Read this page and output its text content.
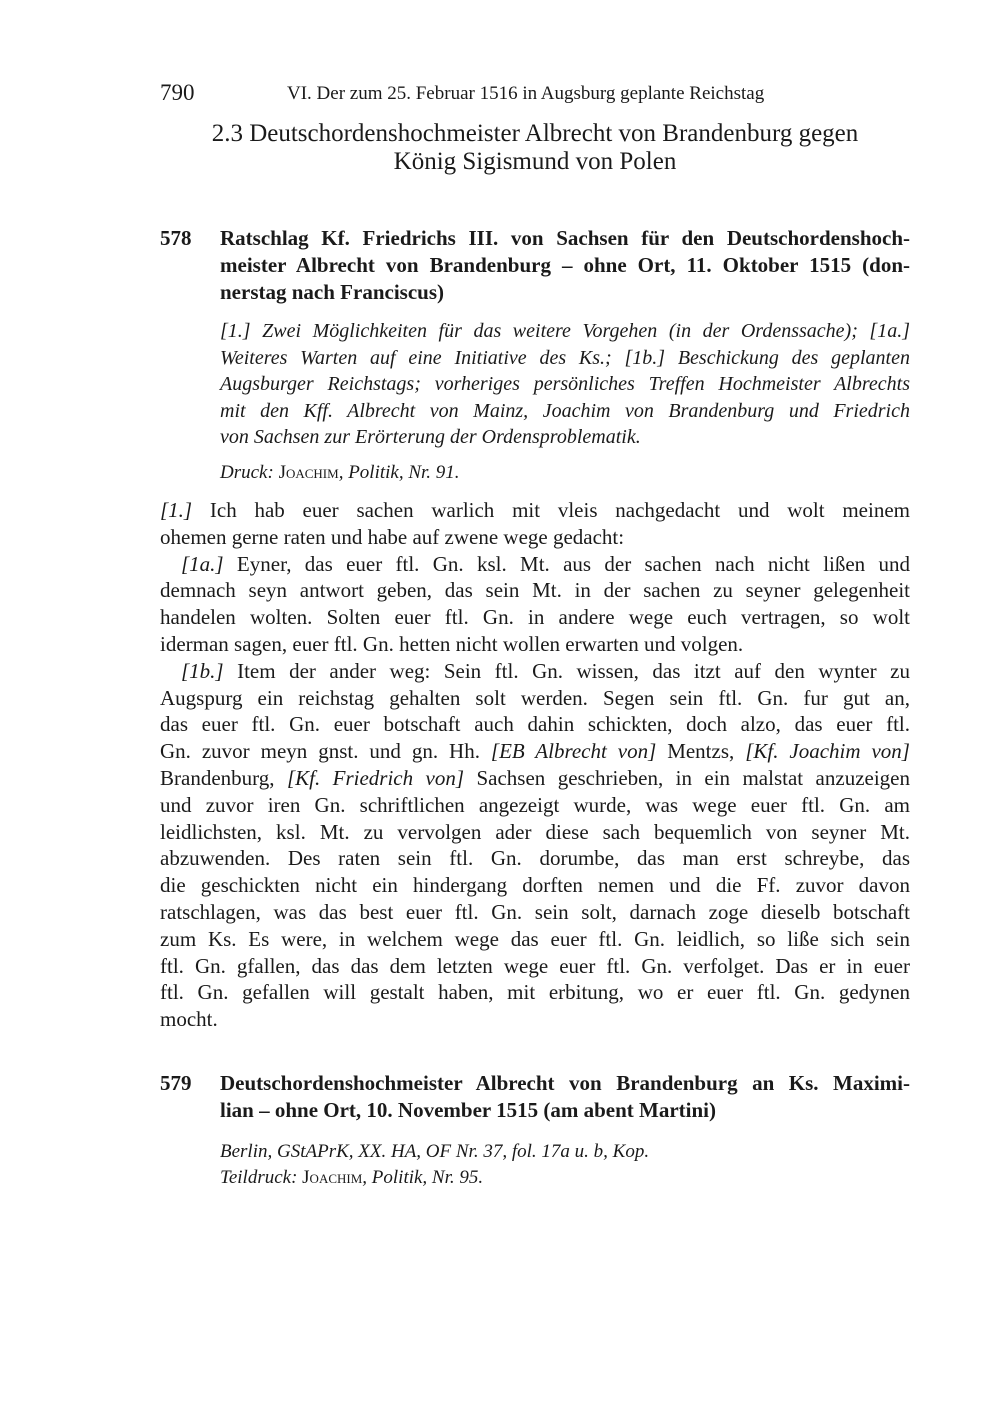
790	VI. Der zum 25. Februar 1516 in Augsburg geplante Reichstag
2.3 Deutschordenshochmeister Albrecht von Brandenburg gegen
König Sigismund von Polen
578 Ratschlag Kf. Friedrichs III. von Sachsen für den Deutschordenshoch-
meister Albrecht von Brandenburg – ohne Ort, 11. Oktober 1515 (don-
nerstag nach Franciscus)
[1.] Zwei Möglichkeiten für das weitere Vorgehen (in der Ordenssache); [1a.]
Weiteres Warten auf eine Initiative des Ks.; [1b.] Beschickung des geplanten
Augsburger Reichstags; vorheriges persönliches Treffen Hochmeister Albrechts
mit den Kff. Albrecht von Mainz, Joachim von Brandenburg und Friedrich
von Sachsen zur Erörterung der Ordensproblematik.
Druck: Joachim, Politik, Nr. 91.
[1.] Ich hab euer sachen warlich mit vleis nachgedacht und wolt meinem
ohemen gerne raten und habe auf zwene wege gedacht:
[1a.] Eyner, das euer ftl. Gn. ksl. Mt. aus der sachen nach nicht lißen und
demnach seyn antwort geben, das sein Mt. in der sachen zu seyner gelegenheit
handelen wolten. Solten euer ftl. Gn. in andere wege euch vertragen, so wolt
iderman sagen, euer ftl. Gn. hetten nicht wollen erwarten und volgen.
[1b.] Item der ander weg: Sein ftl. Gn. wissen, das itzt auf den wynter zu
Augspurg ein reichstag gehalten solt werden. Segen sein ftl. Gn. fur gut an,
das euer ftl. Gn. euer botschaft auch dahin schickten, doch alzo, das euer ftl.
Gn. zuvor meyn gnst. und gn. Hh. [EB Albrecht von] Mentzs, [Kf. Joachim von]
Brandenburg, [Kf. Friedrich von] Sachsen geschrieben, in ein malstat anzuzeigen
und zuvor iren Gn. schriftlichen angezeigt wurde, was wege euer ftl. Gn. am
leidlichsten, ksl. Mt. zu vervolgen ader diese sach bequemlich von seyner Mt.
abzuwenden. Des raten sein ftl. Gn. dorumbe, das man erst schreybe, das
die geschickten nicht ein hindergang dorften nemen und die Ff. zuvor davon
ratschlagen, was das best euer ftl. Gn. sein solt, darnach zoge dieselb botschaft
zum Ks. Es were, in welchem wege das euer ftl. Gn. leidlich, so liße sich sein
ftl. Gn. gfallen, das das dem letzten wege euer ftl. Gn. verfolget. Das er in euer
ftl. Gn. gefallen will gestalt haben, mit erbitung, wo er euer ftl. Gn. gedynen
mocht.
579 Deutschordenshochmeister Albrecht von Brandenburg an Ks. Maximi-
lian – ohne Ort, 10. November 1515 (am abent Martini)
Berlin, GStAPrK, XX. HA, OF Nr. 37, fol. 17a u. b, Kop.
Teildruck: Joachim, Politik, Nr. 95.
